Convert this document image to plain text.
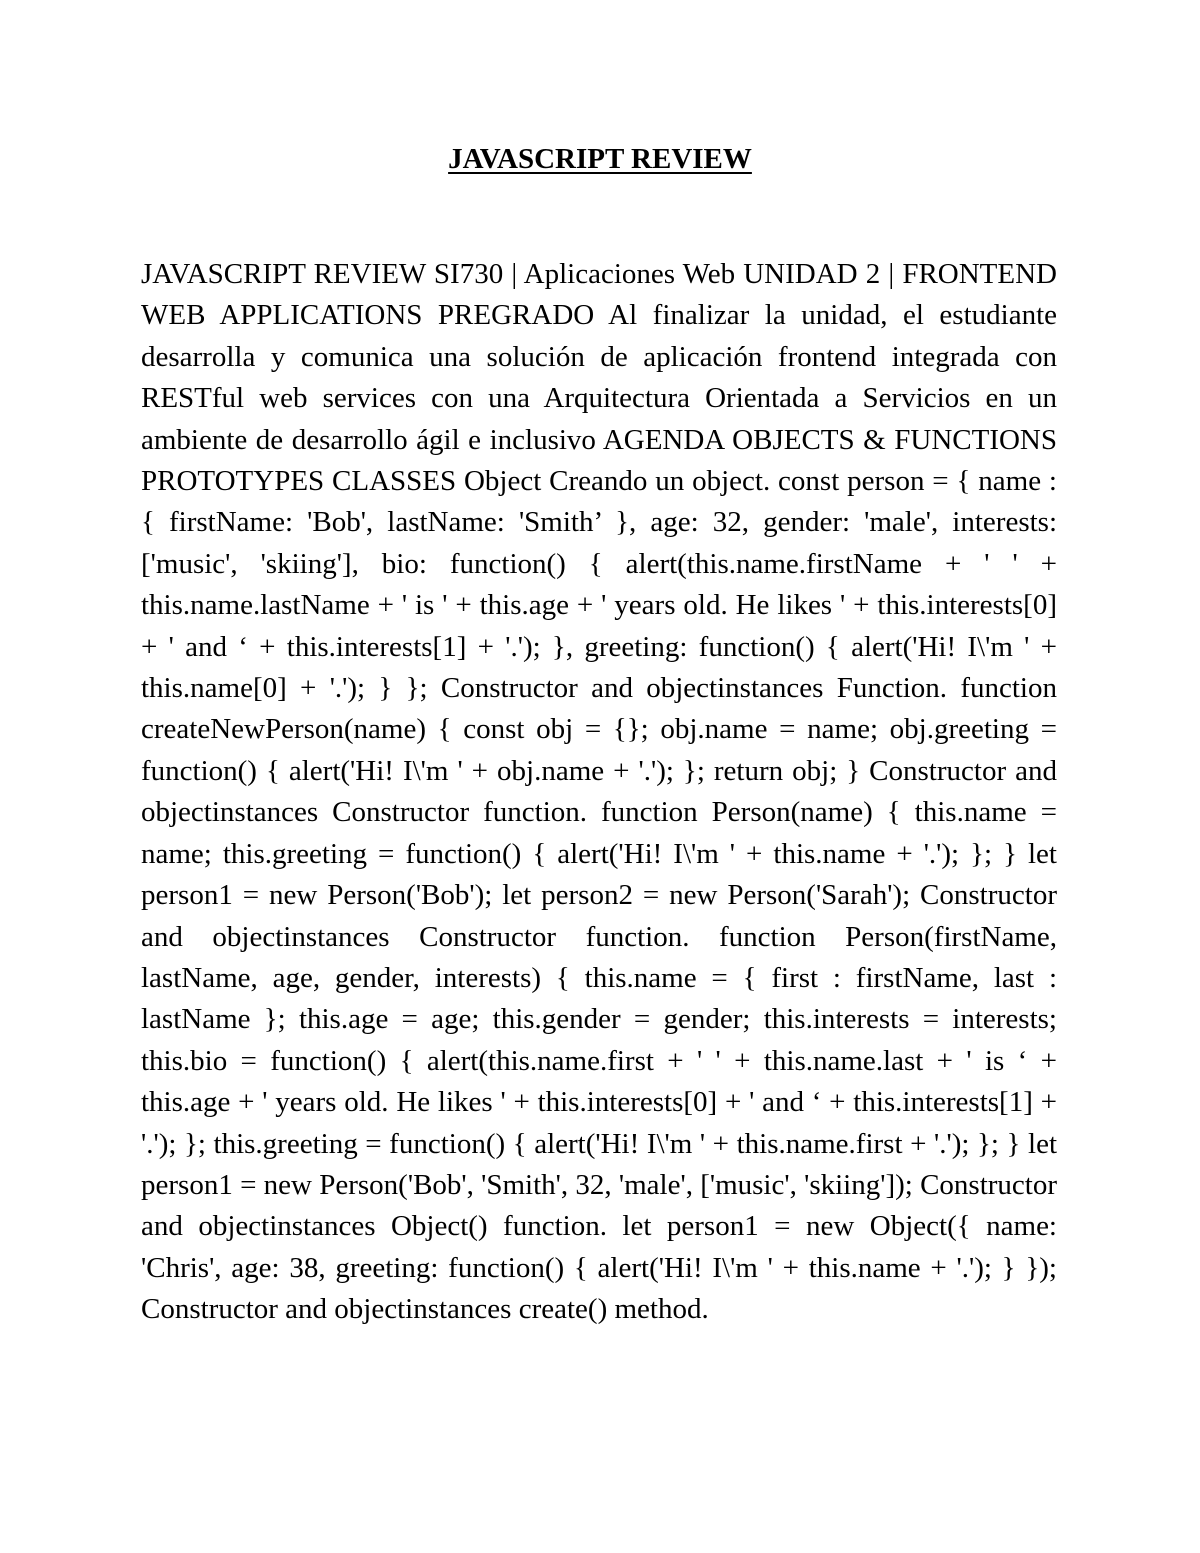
JAVASCRIPT REVIEW

JAVASCRIPT REVIEW SI730 | Aplicaciones Web UNIDAD 2 | FRONTEND WEB APPLICATIONS PREGRADO Al finalizar la unidad, el estudiante desarrolla y comunica una solución de aplicación frontend integrada con RESTful web services con una Arquitectura Orientada a Servicios en un ambiente de desarrollo ágil e inclusivo AGENDA OBJECTS & FUNCTIONS PROTOTYPES CLASSES Object Creando un object. const person = { name : { firstName: 'Bob', lastName: 'Smith’ }, age: 32, gender: 'male', interests: ['music', 'skiing'], bio: function() { alert(this.name.firstName + ' ' + this.name.lastName + ' is ' + this.age + ' years old. He likes ' + this.interests[0] + ' and ‘ + this.interests[1] + '.'); }, greeting: function() { alert('Hi! I\'m ' + this.name[0] + '.'); } }; Constructor and objectinstances Function. function createNewPerson(name) { const obj = {}; obj.name = name; obj.greeting = function() { alert('Hi! I\'m ' + obj.name + '.'); }; return obj; } Constructor and objectinstances Constructor function. function Person(name) { this.name = name; this.greeting = function() { alert('Hi! I\'m ' + this.name + '.'); }; } let person1 = new Person('Bob'); let person2 = new Person('Sarah'); Constructor and objectinstances Constructor function. function Person(firstName, lastName, age, gender, interests) { this.name = { first : firstName, last : lastName }; this.age = age; this.gender = gender; this.interests = interests; this.bio = function() { alert(this.name.first + ' ' + this.name.last + ' is ‘ + this.age + ' years old. He likes ' + this.interests[0] + ' and ‘ + this.interests[1] + '.'); }; this.greeting = function() { alert('Hi! I\'m ' + this.name.first + '.'); }; } let person1 = new Person('Bob', 'Smith', 32, 'male', ['music', 'skiing']); Constructor and objectinstances Object() function. let person1 = new Object({ name: 'Chris', age: 38, greeting: function() { alert('Hi! I\'m ' + this.name + '.'); } }); Constructor and objectinstances create() method.
